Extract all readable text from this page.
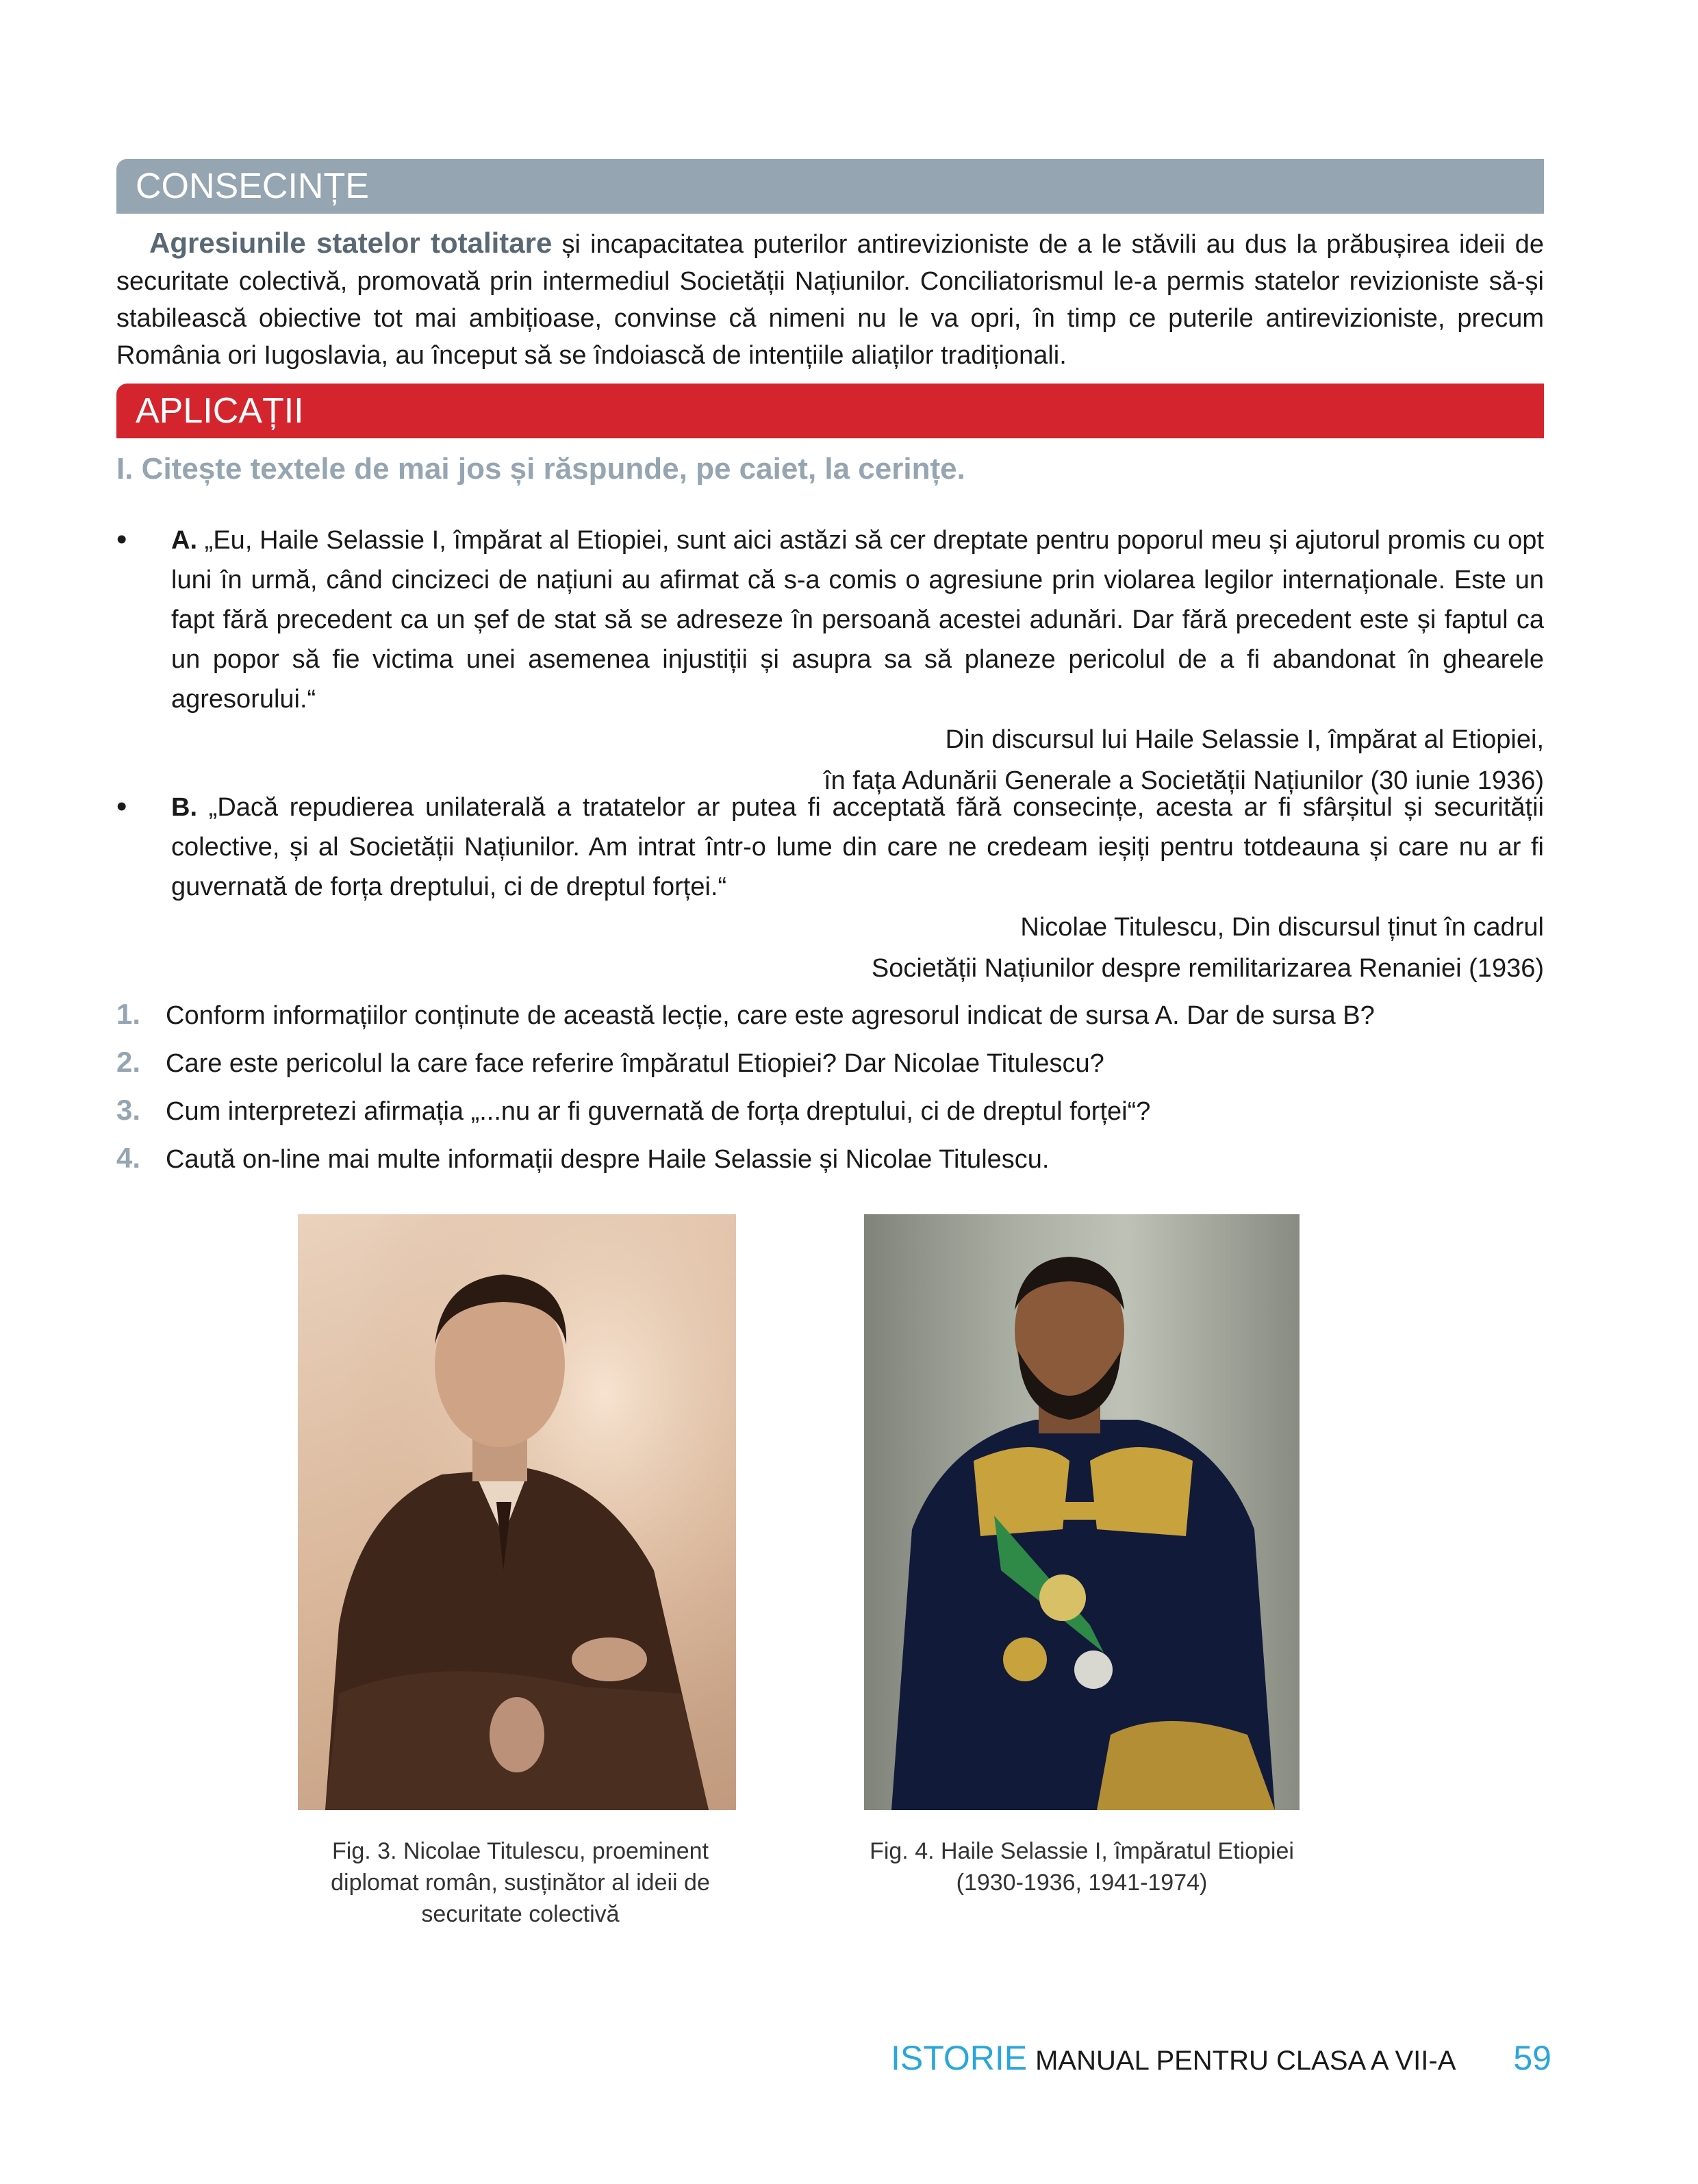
CONSECINȚE

Agresiunile statelor totalitare și incapacitatea puterilor antirevizioniste de a le stăvili au dus la prăbușirea ideii de securitate colectivă, promovată prin intermediul Societății Națiunilor. Conciliatorismul le-a permis statelor revizioniste să-și stabilească obiective tot mai ambițioase, convinse că nimeni nu le va opri, în timp ce puterile antirevizioniste, precum România ori Iugoslavia, au început să se îndoiască de intențiile aliaților tradiționali.

APLICAȚII

I. Citește textele de mai jos și răspunde, pe caiet, la cerințe.

• A. „Eu, Haile Selassie I, împărat al Etiopiei, sunt aici astăzi să cer dreptate pentru poporul meu și ajutorul promis cu opt luni în urmă, când cincizeci de națiuni au afirmat că s-a comis o agresiune prin violarea legilor internaționale. Este un fapt fără precedent ca un șef de stat să se adreseze în persoană acestei adunări. Dar fără precedent este și faptul ca un popor să fie victima unei asemenea injustiții și asupra sa să planeze pericolul de a fi abandonat în ghearele agresorului.“

Din discursul lui Haile Selassie I, împărat al Etiopiei,

în fața Adunării Generale a Societății Națiunilor (30 iunie 1936)

• B. „Dacă repudierea unilaterală a tratatelor ar putea fi acceptată fără consecințe, acesta ar fi sfârșitul și securității colective, și al Societății Națiunilor. Am intrat într-o lume din care ne credeam ieșiți pentru totdeauna și care nu ar fi guvernată de forța dreptului, ci de dreptul forței.“

Nicolae Titulescu, Din discursul ținut în cadrul

Societății Națiunilor despre remilitarizarea Renaniei (1936)

1. Conform informațiilor conținute de această lecție, care este agresorul indicat de sursa A. Dar de sursa B?
2. Care este pericolul la care face referire împăratul Etiopiei? Dar Nicolae Titulescu?
3. Cum interpretezi afirmația „...nu ar fi guvernată de forța dreptului, ci de dreptul forței“?
4. Caută on-line mai multe informații despre Haile Selassie și Nicolae Titulescu.
Fig. 3. Nicolae Titulescu, proeminent
diplomat român, susținător al ideii de
securitate colectivă
Fig. 4. Haile Selassie I, împăratul Etiopiei
(1930-1936, 1941-1974)
ISTORIE MANUAL PENTRU CLASA A VII-A 59
